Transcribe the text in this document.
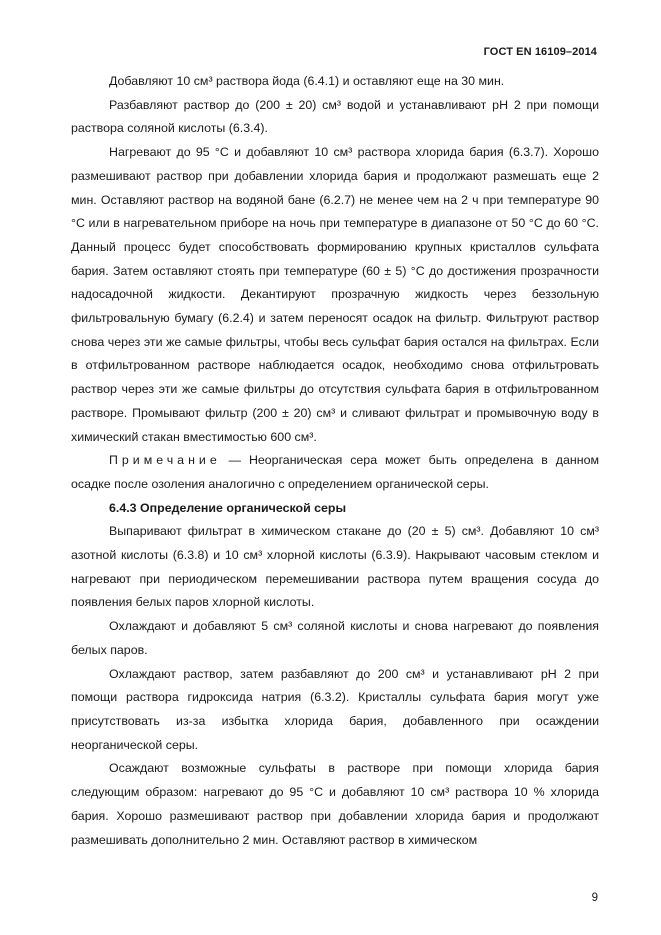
ГОСТ EN 16109–2014

Добавляют 10 см³ раствора йода (6.4.1) и оставляют еще на 30 мин.

Разбавляют раствор до (200 ± 20) см³ водой и устанавливают pH 2 при помощи раствора соляной кислоты (6.3.4).

Нагревают до 95 °С и добавляют 10 см³ раствора хлорида бария (6.3.7). Хорошо размешивают раствор при добавлении хлорида бария и продолжают размешать еще 2 мин. Оставляют раствор на водяной бане (6.2.7) не менее чем на 2 ч при температуре 90 °С или в нагревательном приборе на ночь при температуре в диапазоне от 50 °С до 60 °С. Данный процесс будет способствовать формированию крупных кристаллов сульфата бария. Затем оставляют стоять при температуре (60 ± 5) °С до достижения прозрачности надосадочной жидкости. Декантируют прозрачную жидкость через беззольную фильтровальную бумагу (6.2.4) и затем переносят осадок на фильтр. Фильтруют раствор снова через эти же самые фильтры, чтобы весь сульфат бария остался на фильтрах. Если в отфильтрованном растворе наблюдается осадок, необходимо снова отфильтровать раствор через эти же самые фильтры до отсутствия сульфата бария в отфильтрованном растворе. Промывают фильтр (200 ± 20) см³ и сливают фильтрат и промывочную воду в химический стакан вместимостью 600 см³.

Примечание — Неорганическая сера может быть определена в данном осадке после озоления аналогично с определением органической серы.

6.4.3 Определение органической серы

Выпаривают фильтрат в химическом стакане до (20 ± 5) см³. Добавляют 10 см³ азотной кислоты (6.3.8) и 10 см³ хлорной кислоты (6.3.9). Накрывают часовым стеклом и нагревают при периодическом перемешивании раствора путем вращения сосуда до появления белых паров хлорной кислоты.

Охлаждают и добавляют 5 см³ соляной кислоты и снова нагревают до появления белых паров.

Охлаждают раствор, затем разбавляют до 200 см³ и устанавливают pH 2 при помощи раствора гидроксида натрия (6.3.2). Кристаллы сульфата бария могут уже присутствовать из-за избытка хлорида бария, добавленного при осаждении неорганической серы.

Осаждают возможные сульфаты в растворе при помощи хлорида бария следующим образом: нагревают до 95 °С и добавляют 10 см³ раствора 10 % хлорида бария. Хорошо размешивают раствор при добавлении хлорида бария и продолжают размешивать дополнительно 2 мин. Оставляют раствор в химическом

9
